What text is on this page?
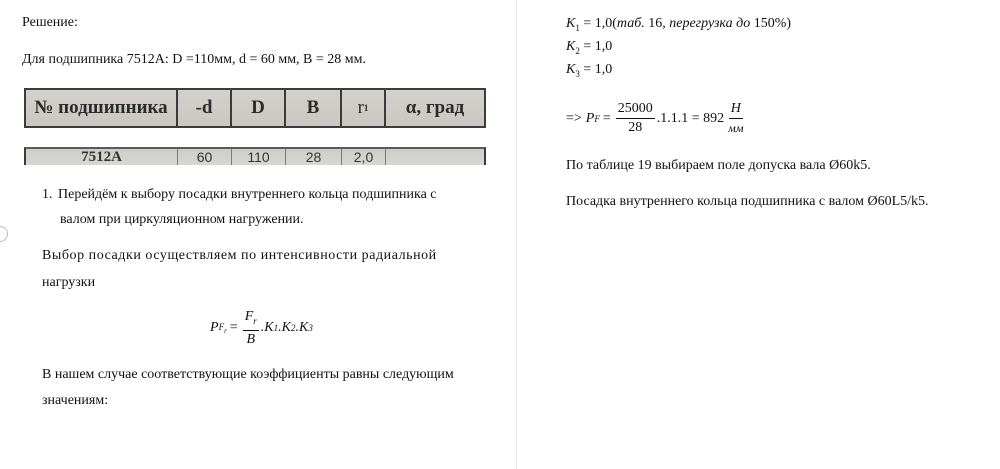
Решение:
Для подшипника 7512А: D =110мм, d = 60 мм, B = 28 мм.
№ подшипника	-d	D	B	r 1	α, град
7512A	60	110	28	2,0
1. Перейдём к выбору посадки внутреннего кольца подшипника с
валом при циркуляционном нагружении.
Выбор посадки осуществляем по интенсивности радиальной
нагрузки
P $F_r = \frac{F_r}{B} .K$ 1 .K 2 .K 3
В нашем случае соответствующие коэффициенты равны следующим
значениям:
$K_1 = 1,0(таб$. 16, перегрузка до 150%)
$K_2 = 1,0$
$K_3 = 1,0$
=> P $F = \frac{25000}{28} .1.1.1 = 892 \frac{Н}{мм}$
По таблице 19 выбираем поле допуска вала Ø60k5.
Посадка внутреннего кольца подшипника с валом Ø60L5/k5.
